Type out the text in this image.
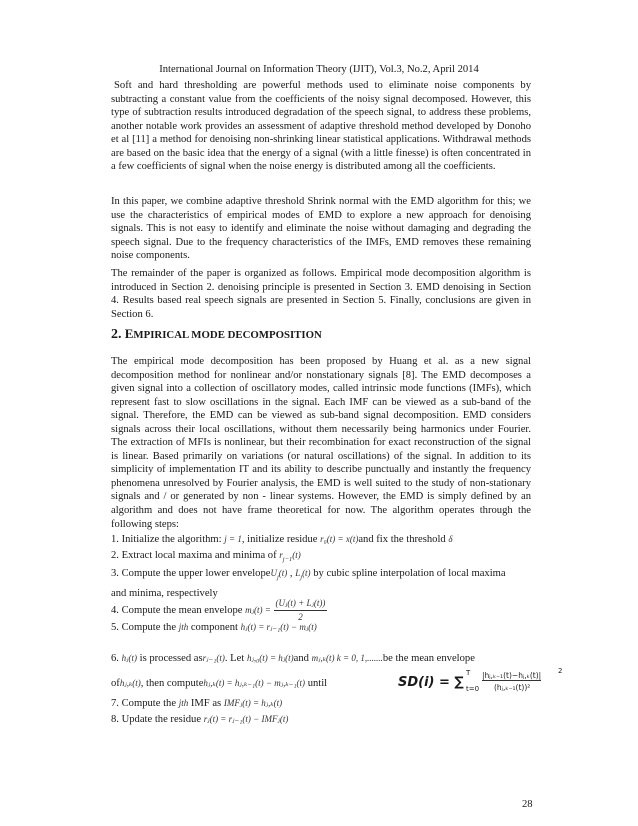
International Journal on Information Theory (IJIT), Vol.3, No.2, April 2014

Soft and hard thresholding are powerful methods used to eliminate noise components by subtracting a constant value from the coefficients of the noisy signal decomposed. However, this type of subtraction results introduced degradation of the speech signal, to address these problems, another notable work provides an assessment of adaptive threshold method developed by Donoho et al [11] a method for denoising non-shrinking linear statistical applications. Withdrawal methods are based on the basic idea that the energy of a signal (with a little finesse) is often concentrated in a few coefficients of signal when the noise energy is distributed among all the coefficients.

In this paper, we combine adaptive threshold Shrink normal with the EMD algorithm for this; we use the characteristics of empirical modes of EMD to explore a new approach for denoising signals. This is not easy to identify and eliminate the noise without damaging and degrading the speech signal. Due to the frequency characteristics of the IMFs, EMD removes these remaining noise components.

The remainder of the paper is organized as follows. Empirical mode decomposition algorithm is introduced in Section 2. denoising principle is presented in Section 3. EMD denoising in Section 4. Results based real speech signals are presented in Section 5. Finally, conclusions are given in Section 6.

2. EMPIRICAL MODE DECOMPOSITION

The empirical mode decomposition has been proposed by Huang et al. as a new signal decomposition method for nonlinear and/or nonstationary signals [8]. The EMD decomposes a given signal into a collection of oscillatory modes, called intrinsic mode functions (IMFs), which represent fast to slow oscillations in the signal. Each IMF can be viewed as a sub-band of the signal. Therefore, the EMD can be viewed as sub-band signal decomposition. EMD considers signals across their local oscillations, without them necessarily being harmonics under Fourier. The extraction of MFIs is nonlinear, but their recombination for exact reconstruction of the signal is linear. Based primarily on variations (or natural oscillations) of the signal. In addition to its simplicity of implementation IT and its ability to describe punctually and instantly the frequency phenomena unresolved by Fourier analysis, the EMD is well suited to the study of non-stationary signals and / or generated by non - linear systems. However, the EMD is simply defined by an algorithm and does not have frame theoretical for now. The algorithm operates through the following steps:

1. Initialize the algorithm: j = 1, initialize residue r₀(t) = x(t)and fix the threshold δ
2. Extract local maxima and minima of $r_{j-1}(t)$
3. Compute the upper lower envelopeU$_j$(t) , $L_j(t)$ by cubic spline interpolation of local maxima
and minima, respectively
4. Compute the mean envelope mⱼ(t) = $\frac{\text{(Uⱼ(t) + Lⱼ(t))}}{2}$
5. Compute the jth component hⱼ(t) = rⱼ₋₁(t) − mⱼ(t)
6. hⱼ(t) is processed asrⱼ₋₁(t). Let hⱼ,₀(t) = hⱼ(t)and mⱼ,ₖ(t) k = 0, 1,.......be the mean envelope
ofhⱼ,ₖ(t), then computehⱼ,ₖ(t) = hⱼ,ₖ₋₁(t) − mⱼ,ₖ₋₁(t) until	SD(i) = ∑
T
t=0
|hⱼ,ₖ₋₁(t)−hⱼ,ₖ(t)| 2
(hⱼ,ₖ₋₁(t))²
7. Compute the jth IMF as IMFⱼ(t) = hⱼ,ₖ(t)
8. Update the residue rⱼ(t) = rⱼ₋₁(t) − IMFⱼ(t)
28
